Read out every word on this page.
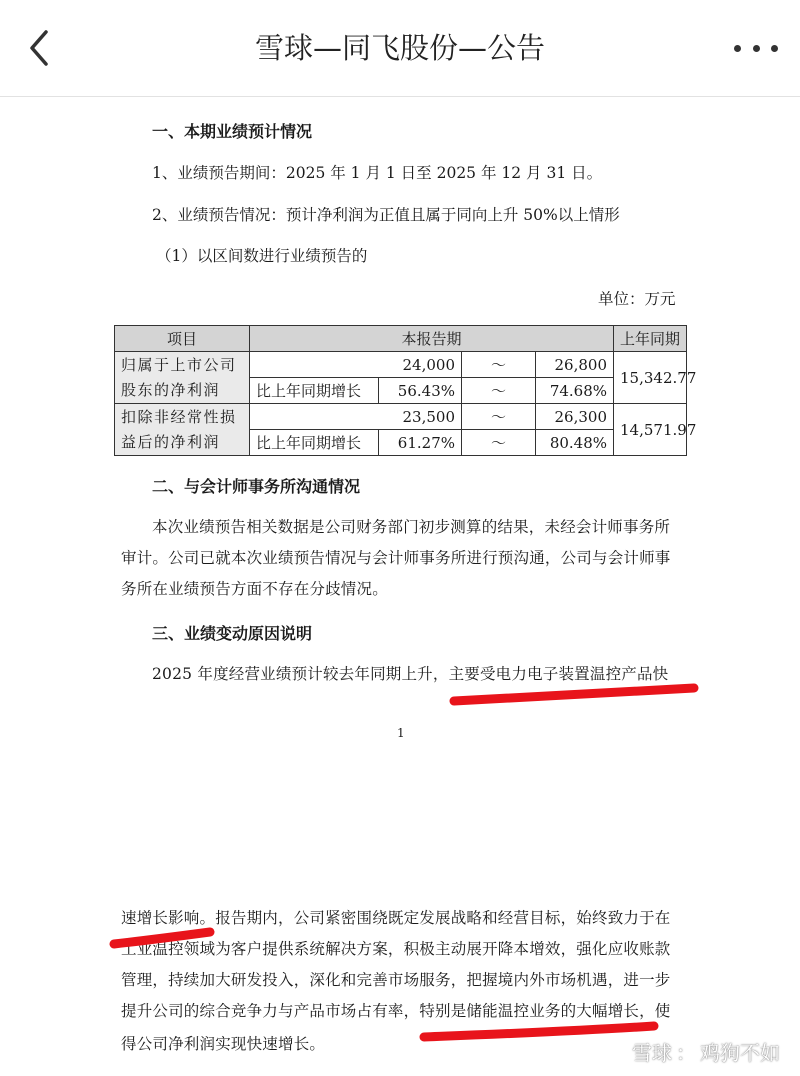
雪球—同飞股份—公告
一、本期业绩预计情况
1、业绩预告期间：2025 年 1 月 1 日至 2025 年 12 月 31 日。
2、业绩预告情况：预计净利润为正值且属于同向上升 50%以上情形
（1）以区间数进行业绩预告的
单位：万元
项目	本报告期				上年同期
归属于上市公司股东的净利润	24,000		～	26,800	15,342.77
	比上年同期增长	56.43%	～	74.68%	
扣除非经常性损益后的净利润	23,500		～	26,300	14,571.97
	比上年同期增长	61.27%	～	80.48%	
二、与会计师事务所沟通情况
本次业绩预告相关数据是公司财务部门初步测算的结果，未经会计师事务所
审计。公司已就本次业绩预告情况与会计师事务所进行预沟通，公司与会计师事
务所在业绩预告方面不存在分歧情况。
三、业绩变动原因说明
2025 年度经营业绩预计较去年同期上升，主要受电力电子装置温控产品快
1
速增长影响。报告期内，公司紧密围绕既定发展战略和经营目标，始终致力于在
工业温控领域为客户提供系统解决方案，积极主动展开降本增效，强化应收账款
管理，持续加大研发投入，深化和完善市场服务，把握境内外市场机遇，进一步
提升公司的综合竞争力与产品市场占有率，特别是储能温控业务的大幅增长，使
得公司净利润实现快速增长。	雪球 ： 鸡狗不如
